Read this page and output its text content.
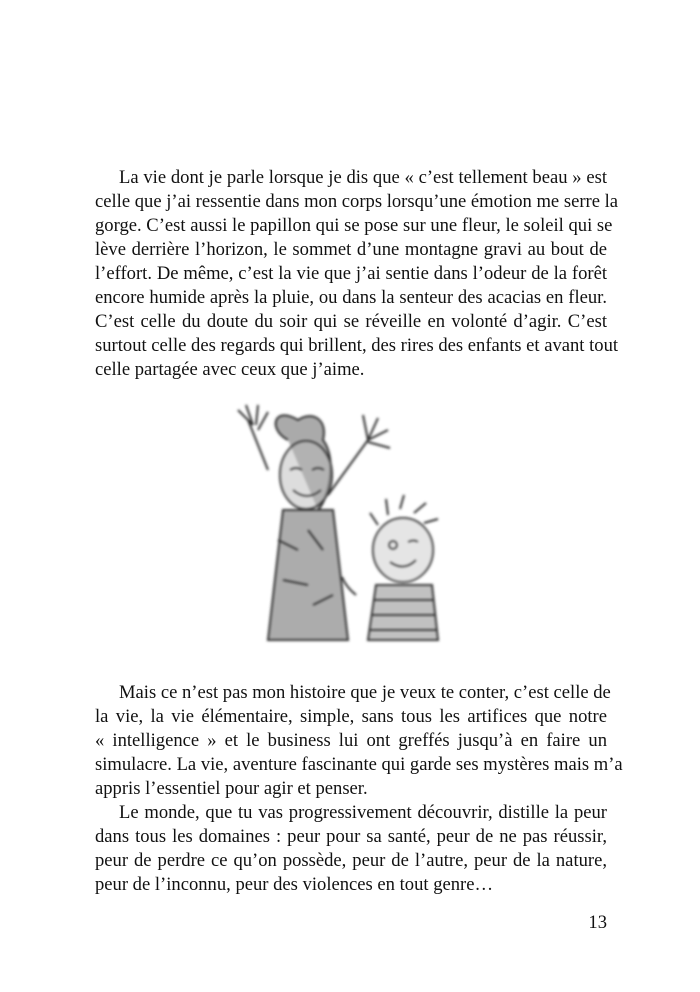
La vie dont je parle lorsque je dis que « c’est tellement beau » est
celle que j’ai ressentie dans mon corps lorsqu’une émotion me serre la
gorge. C’est aussi le papillon qui se pose sur une fleur, le soleil qui se
lève derrière l’horizon, le sommet d’une montagne gravi au bout de
l’effort. De même, c’est la vie que j’ai sentie dans l’odeur de la forêt
encore humide après la pluie, ou dans la senteur des acacias en fleur.
C’est celle du doute du soir qui se réveille en volonté d’agir. C’est
surtout celle des regards qui brillent, des rires des enfants et avant tout
celle partagée avec ceux que j’aime.
Mais ce n’est pas mon histoire que je veux te conter, c’est celle de
la vie, la vie élémentaire, simple, sans tous les artifices que notre
« intelligence » et le business lui ont greffés jusqu’à en faire un
simulacre. La vie, aventure fascinante qui garde ses mystères mais m’a
appris l’essentiel pour agir et penser.
Le monde, que tu vas progressivement découvrir, distille la peur
dans tous les domaines : peur pour sa santé, peur de ne pas réussir,
peur de perdre ce qu’on possède, peur de l’autre, peur de la nature,
peur de l’inconnu, peur des violences en tout genre…
13
